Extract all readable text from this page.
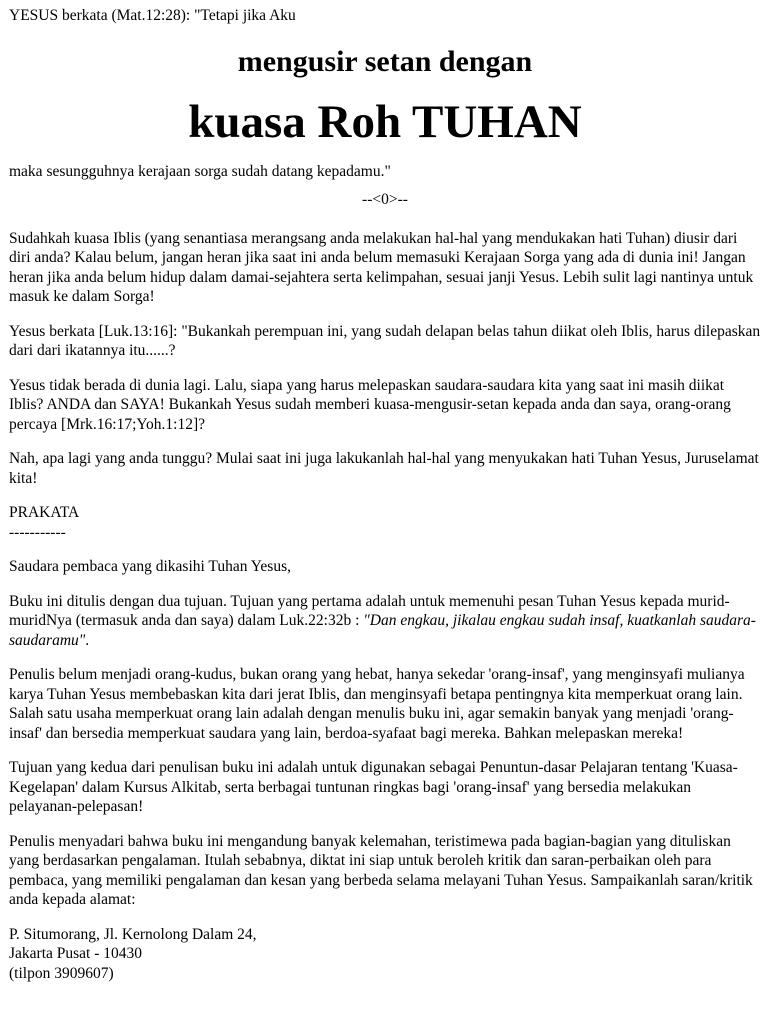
YESUS berkata (Mat.12:28): "Tetapi jika Aku
mengusir setan dengan
kuasa Roh TUHAN
maka sesungguhnya kerajaan sorga sudah datang kepadamu."
--<0>--

Sudahkah kuasa Iblis (yang senantiasa merangsang anda melakukan hal-hal yang mendukakan hati Tuhan) diusir dari diri anda? Kalau belum, jangan heran jika saat ini anda belum memasuki Kerajaan Sorga yang ada di dunia ini! Jangan heran jika anda belum hidup dalam damai-sejahtera serta kelimpahan, sesuai janji Yesus. Lebih sulit lagi nantinya untuk masuk ke dalam Sorga!

Yesus berkata [Luk.13:16]: "Bukankah perempuan ini, yang sudah delapan belas tahun diikat oleh Iblis, harus dilepaskan dari dari ikatannya itu......?

Yesus tidak berada di dunia lagi. Lalu, siapa yang harus melepaskan saudara-saudara kita yang saat ini masih diikat Iblis? ANDA dan SAYA! Bukankah Yesus sudah memberi kuasa-mengusir-setan kepada anda dan saya, orang-orang percaya [Mrk.16:17;Yoh.1:12]?

Nah, apa lagi yang anda tunggu? Mulai saat ini juga lakukanlah hal-hal yang menyukakan hati Tuhan Yesus, Juruselamat kita!

PRAKATA
-----------

Saudara pembaca yang dikasihi Tuhan Yesus,

Buku ini ditulis dengan dua tujuan. Tujuan yang pertama adalah untuk memenuhi pesan Tuhan Yesus kepada murid-muridNya (termasuk anda dan saya) dalam Luk.22:32b : "Dan engkau, jikalau engkau sudah insaf, kuatkanlah saudara-saudaramu".

Penulis belum menjadi orang-kudus, bukan orang yang hebat, hanya sekedar 'orang-insaf', yang menginsyafi mulianya karya Tuhan Yesus membebaskan kita dari jerat Iblis, dan menginsyafi betapa pentingnya kita memperkuat orang lain. Salah satu usaha memperkuat orang lain adalah dengan menulis buku ini, agar semakin banyak yang menjadi 'orang-insaf' dan bersedia memperkuat saudara yang lain, berdoa-syafaat bagi mereka. Bahkan melepaskan mereka!

Tujuan yang kedua dari penulisan buku ini adalah untuk digunakan sebagai Penuntun-dasar Pelajaran tentang 'Kuasa-Kegelapan' dalam Kursus Alkitab, serta berbagai tuntunan ringkas bagi 'orang-insaf' yang bersedia melakukan pelayanan-pelepasan!

Penulis menyadari bahwa buku ini mengandung banyak kelemahan, teristimewa pada bagian-bagian yang dituliskan yang berdasarkan pengalaman. Itulah sebabnya, diktat ini siap untuk beroleh kritik dan saran-perbaikan oleh para pembaca, yang memiliki pengalaman dan kesan yang berbeda selama melayani Tuhan Yesus. Sampaikanlah saran/kritik anda kepada alamat:

P. Situmorang, Jl. Kernolong Dalam 24,
Jakarta Pusat - 10430
(tilpon 3909607)
